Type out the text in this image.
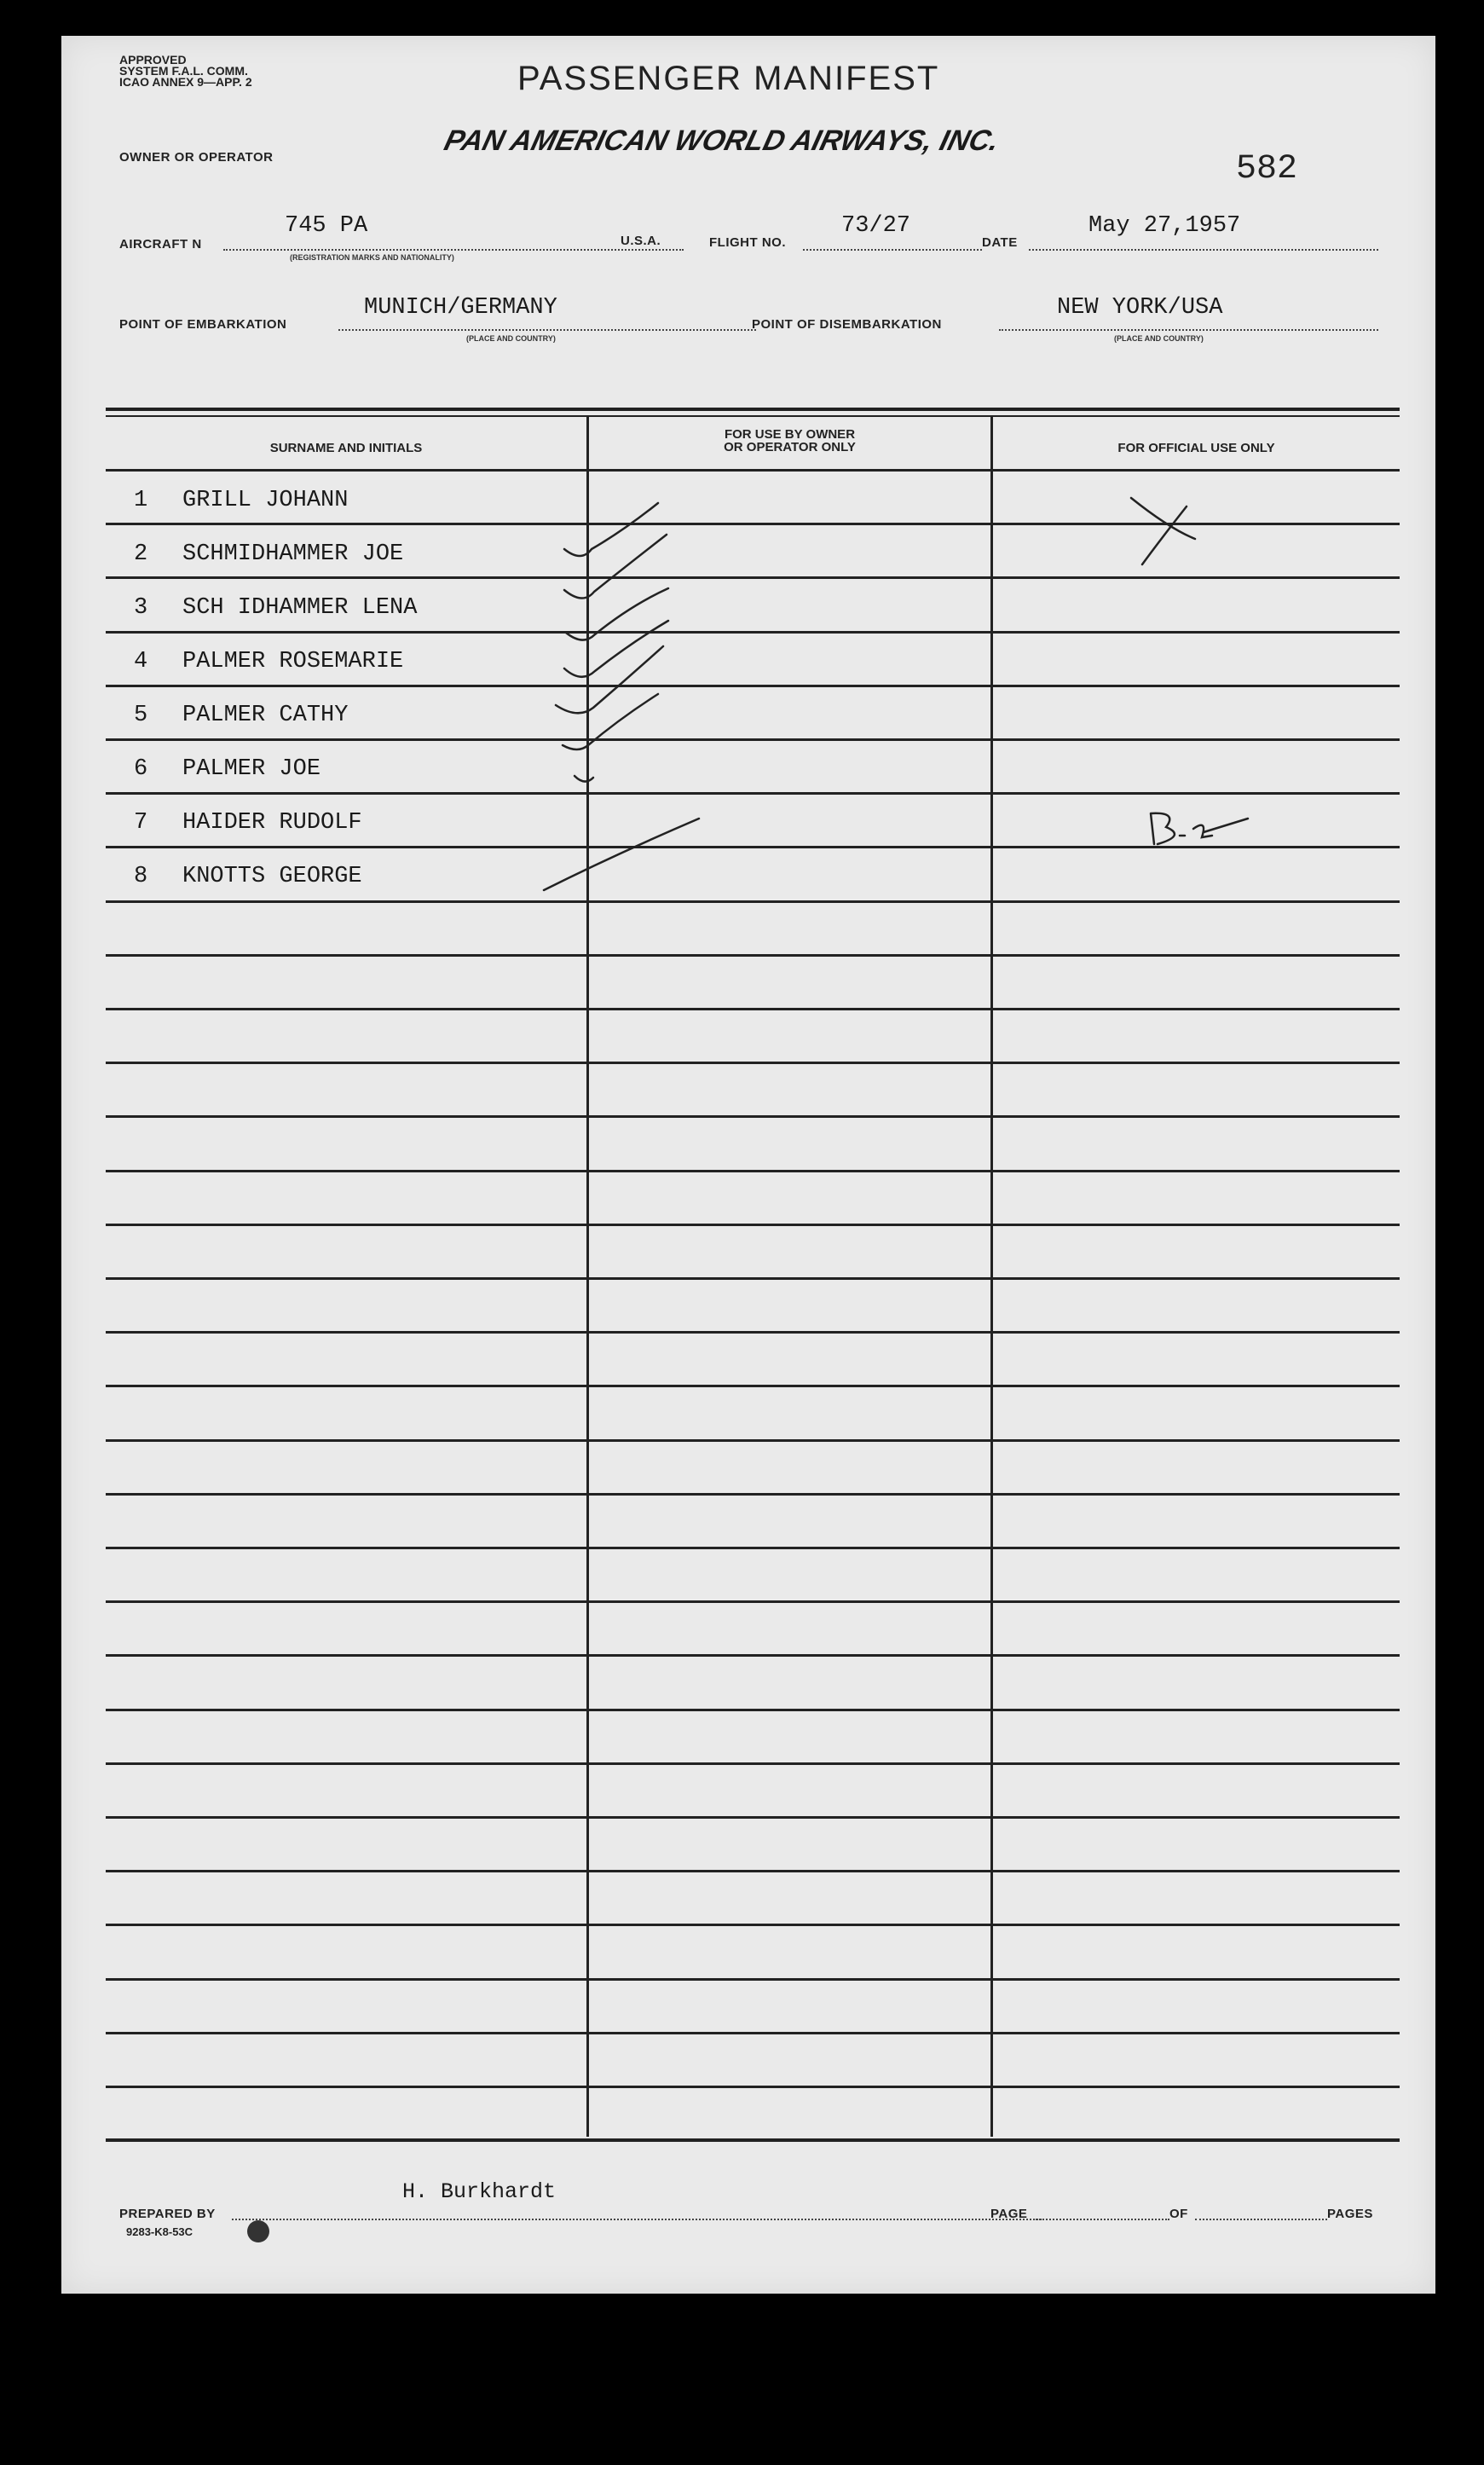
APPROVED
SYSTEM F.A.L. COMM.
ICAO ANNEX 9—APP. 2	PASSENGER MANIFEST
OWNER OR OPERATOR
PAN AMERICAN WORLD AIRWAYS, INC.
582
AIRCRAFT N
745 PA
(REGISTRATION MARKS AND NATIONALITY)
U.S.A.	FLIGHT NO.
73/27
DATE
May 27,1957
POINT OF EMBARKATION
MUNICH/GERMANY
(PLACE AND COUNTRY)
POINT OF DISEMBARKATION
NEW YORK/USA
(PLACE AND COUNTRY)
SURNAME AND INITIALS
FOR USE BY OWNER
OR OPERATOR ONLY	FOR OFFICIAL USE ONLY
1 GRILL JOHANN
2 SCHMIDHAMMER JOE
3 SCH IDHAMMER LENA
4 PALMER ROSEMARIE
5 PALMER CATHY
6 PALMER JOE
7 HAIDER RUDOLF
8 KNOTTS GEORGE
PREPARED BY
H. Burkhardt
PAGE	OF	PAGES
9283-K8-53C
